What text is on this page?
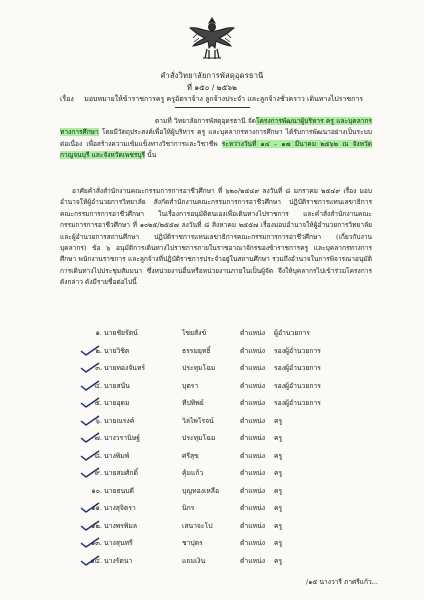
คำสั่งวิทยาลัยการพัสดุอุดรธานี
ที่ ๑๕๐ / ๒๕๖๒
เรื่อง มอบหมายให้ข้าราชการครู ครูอัตราจ้าง ลูกจ้างประจำ และลูกจ้างชั่วคราว เดินทางไปราชการ
ตามที่ วิทยาลัยการพัสดุอุดรธานี จัดโครงการพัฒนาผู้บริหาร ครู และบุคลากรทางการศึกษา โดยมีวัตถุประสงค์เพื่อให้ผู้บริหาร ครู และบุคลากรทางการศึกษา ได้รับการพัฒนาอย่างเป็นระบบต่อเนื่อง เพื่อสร้างความเข้มแข็งทางวิชาการและวิชาชีพ ระหว่างวันที่ ๑๔ – ๑๗ มีนาคม ๒๕๖๒ ณ จังหวัดกาญจนบุรี และจังหวัดเพชรบุรี นั้น
อาศัยคำสั่งสำนักงานคณะกรรมการการอาชีวศึกษา ที่ ๖๒๐/๒๕๔๙ ลงวันที่ ๘ มกราคม ๒๕๔๙ เรื่อง มอบอำนาจให้ผู้อำนวยการวิทยาลัย สังกัดสำนักงานคณะกรรมการการอาชีวศึกษา ปฏิบัติราชการแทนเลขาธิการคณะกรรมการการอาชีวศึกษา ในเรื่องการอนุมัติตนเองเพื่อเดินทางไปราชการ และคำสั่งสำนักงานคณะกรรมการการอาชีวศึกษา ที่ ๑๐๒๕/๒๕๕๗ ลงวันที่ ๘ สิงหาคม ๒๕๕๗ เรื่องมอบอำนาจให้ผู้อำนวยการวิทยาลัย และผู้อำนวยการสถานศึกษา ปฏิบัติราชการแทนเลขาธิการคณะกรรมการการอาชีวศึกษา (เกี่ยวกับงานบุคลากร) ข้อ ๖ อนุมัติการเดินทางไปราชการภายในราชอาณาจักรของข้าราชการครู และบุคลากรทางการศึกษา พนักงานราชการ และลูกจ้างที่ปฏิบัติราชการประจำอยู่ในสถานศึกษา รวมถึงอำนาจในการพิจารณาอนุมัติการเดินทางไปประชุมสัมมนา ซึ่งหน่วยงานอื่นหรือหน่วยงานภายในเป็นผู้จัด จึงให้บุคลากรไปเข้าร่วมโครงการดังกล่าว ดังมีรายชื่อต่อไปนี้
๑. นายชัยรัตน์	ไชยสังข์	ตำแหน่ง	ผู้อำนวยการ
๒. นายวิชิต	ธรรมยุทธิ์	ตำแหน่ง	รองผู้อำนวยการ
๓. นายทองจันทร์	ประทุมโฉม	ตำแหน่ง	รองผู้อำนวยการ
๔. นายสนั่น	บุตรา	ตำแหน่ง	รองผู้อำนวยการ
๕. นายอุดม	ทีปทิพย์	ตำแหน่ง	รองผู้อำนวยการ
๖. นายณรงค์	วิลไพโรจน์	ตำแหน่ง	ครู
๗. นางวรานิษฐ์	ประทุมโฉม	ตำแหน่ง	ครู
๘. นางพิมพ์	ศรีสุข	ตำแหน่ง	ครู
๙. นายสมศักดิ์	คุ้มแก้ว	ตำแหน่ง	ครู
๑๐. นายธนบดี	บุญทองเหลือ	ตำแหน่ง	ครู
๑๑. นางสุจิตรา	นิกร	ตำแหน่ง	ครู
๑๒. นางพรพิมล	เสนาจะโป	ตำแหน่ง	ครู
๑๓. นางสุนทรี	ชาปุตร	ตำแหน่ง	ครู
๑๔. นางรัตนา	แถมเงิน	ตำแหน่ง	ครู
/๑๕ นางวารี ภาศรีแก้ว...
